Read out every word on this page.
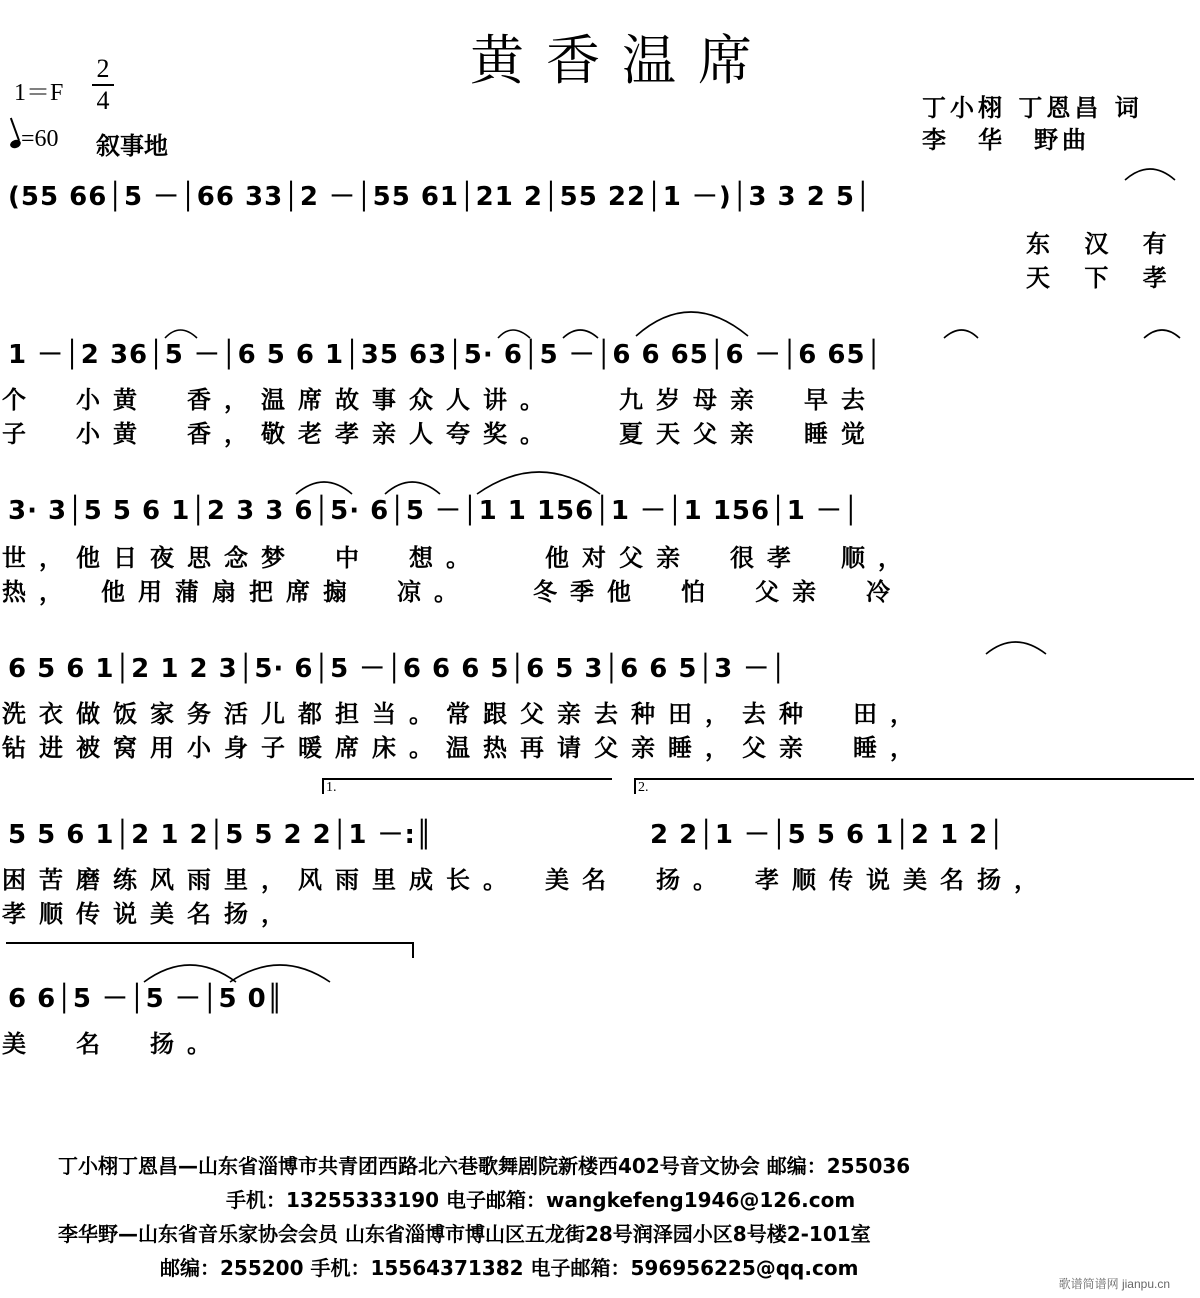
黄香温席
1＝F
2
4
=60 叙事地
丁小栩 丁恩昌 词
李　华　野曲
(55 66│5 －│66 33│2 －│55 61│21 2│55 22│1 －)│3 3 2 5│
东 汉 有
天 下 孝
1 －│2 36│5 －│6 5 6 1│35 63│5· 6│5 －│6 6 65│6 －│6 65│
个　小黄　香，温席故事众人讲。　　九岁母亲　早去
子　小黄　香，敬老孝亲人夸奖。　　夏天父亲　睡觉
3· 3│5 5 6 1│2 3 3 6│5· 6│5 －│1 1 156│1 －│1 156│1 －│
世，他日夜思念梦　中　想。　　他对父亲　很孝　顺，
热，　他用蒲扇把席搧　凉。　　冬季他　怕　父亲　冷
6 5 6 1│2 1 2 3│5· 6│5 －│6 6 6 5│6 5 3│6 6 5│3 －│
洗衣做饭家务活儿都担当。常跟父亲去种田，去种　田，
钻进被窝用小身子暖席床。温热再请父亲睡，父亲　睡，
1.	2.
5 5 6 1│2 1 2│5 5 2 2│1 －:║	2 2│1 －│5 5 6 1│2 1 2│
困苦磨练风雨里，风雨里成长。　美名　扬。　孝顺传说美名扬，
孝顺传说美名扬，
6 6│5 －│5 －│5 0║
美　名　扬。
丁小栩丁恩昌—山东省淄博市共青团西路北六巷歌舞剧院新楼西402号音文协会 邮编：255036
手机：13255333190 电子邮箱：wangkefeng1946@126.com
李华野—山东省音乐家协会会员 山东省淄博市博山区五龙街28号润泽园小区8号楼2-101室
邮编：255200 手机：15564371382 电子邮箱：596956225@qq.com
歌谱简谱网 jianpu.cn
